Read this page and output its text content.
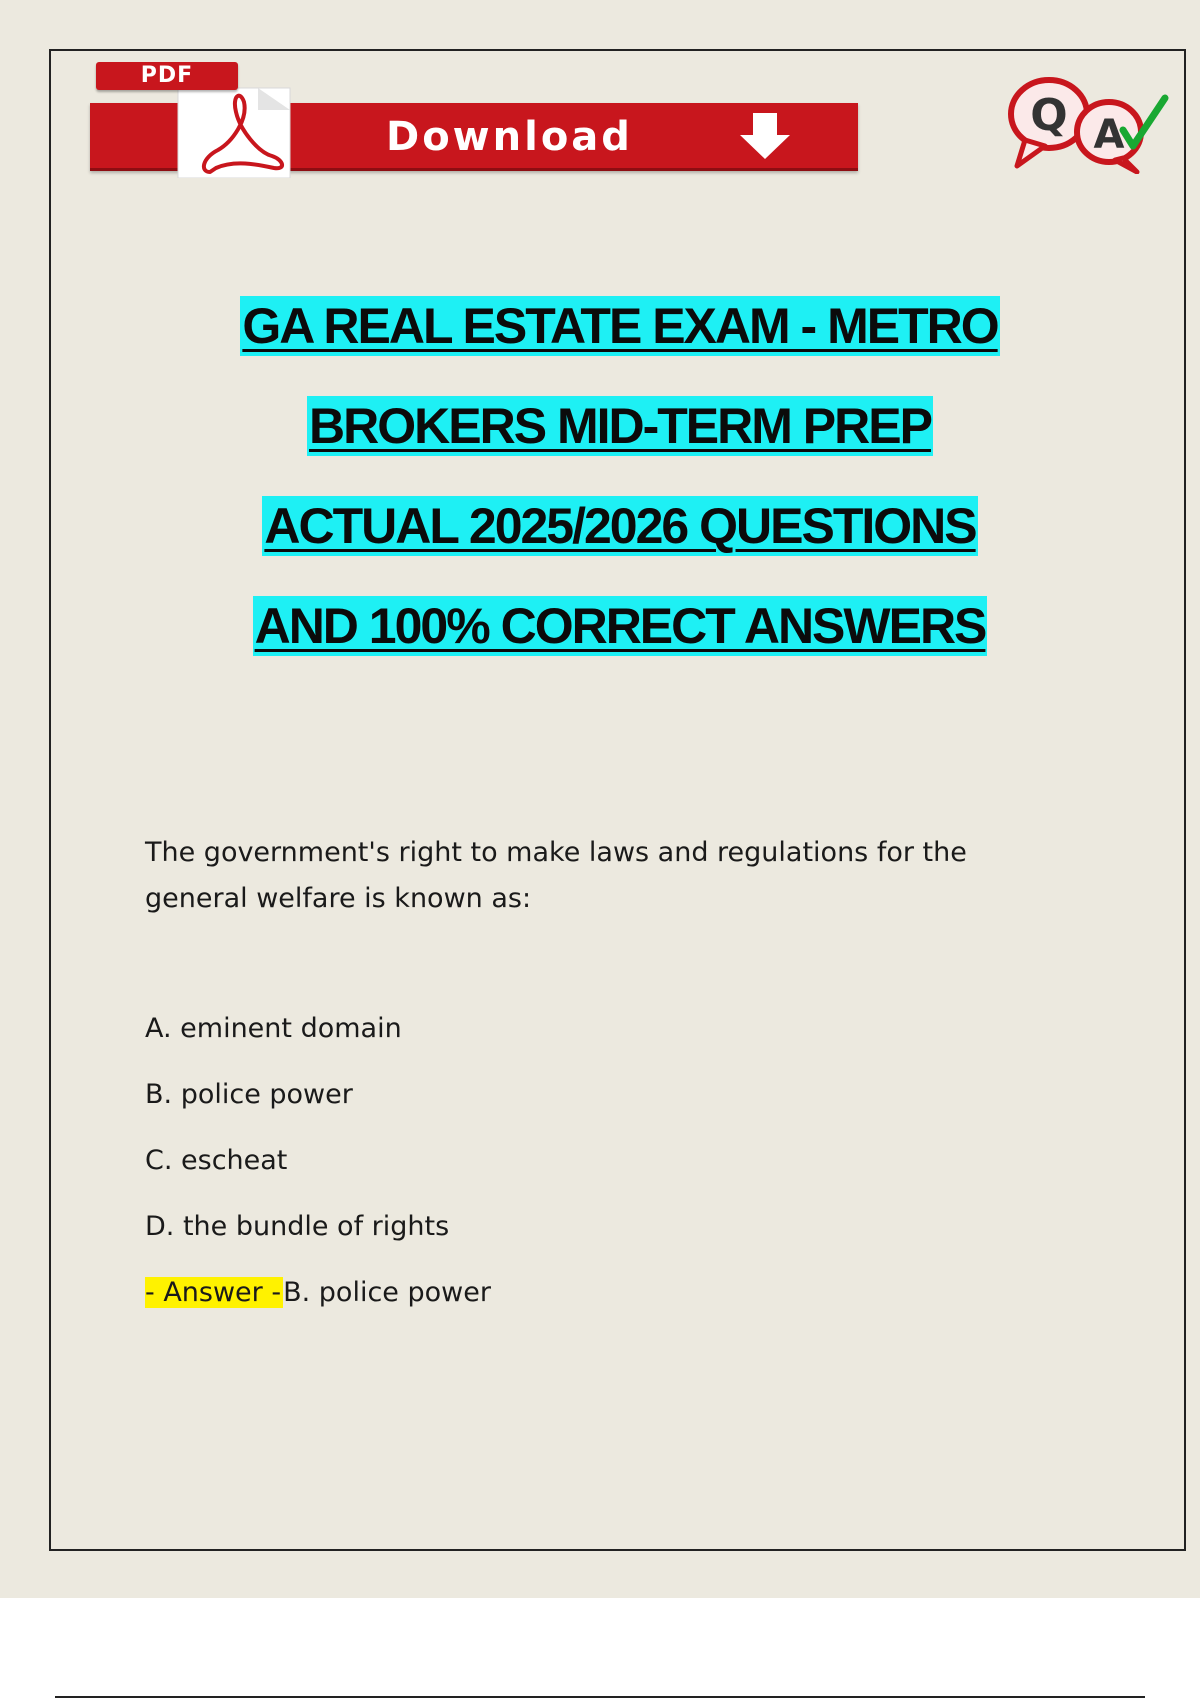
Download
PDF
Q A
GA REAL ESTATE EXAM - METRO
BROKERS MID-TERM PREP
ACTUAL 2025/2026 QUESTIONS
AND 100% CORRECT ANSWERS
The government's right to make laws and regulations for the general welfare is known as:
A. eminent domain
B. police power
C. escheat
D. the bundle of rights
- Answer -B. police power
